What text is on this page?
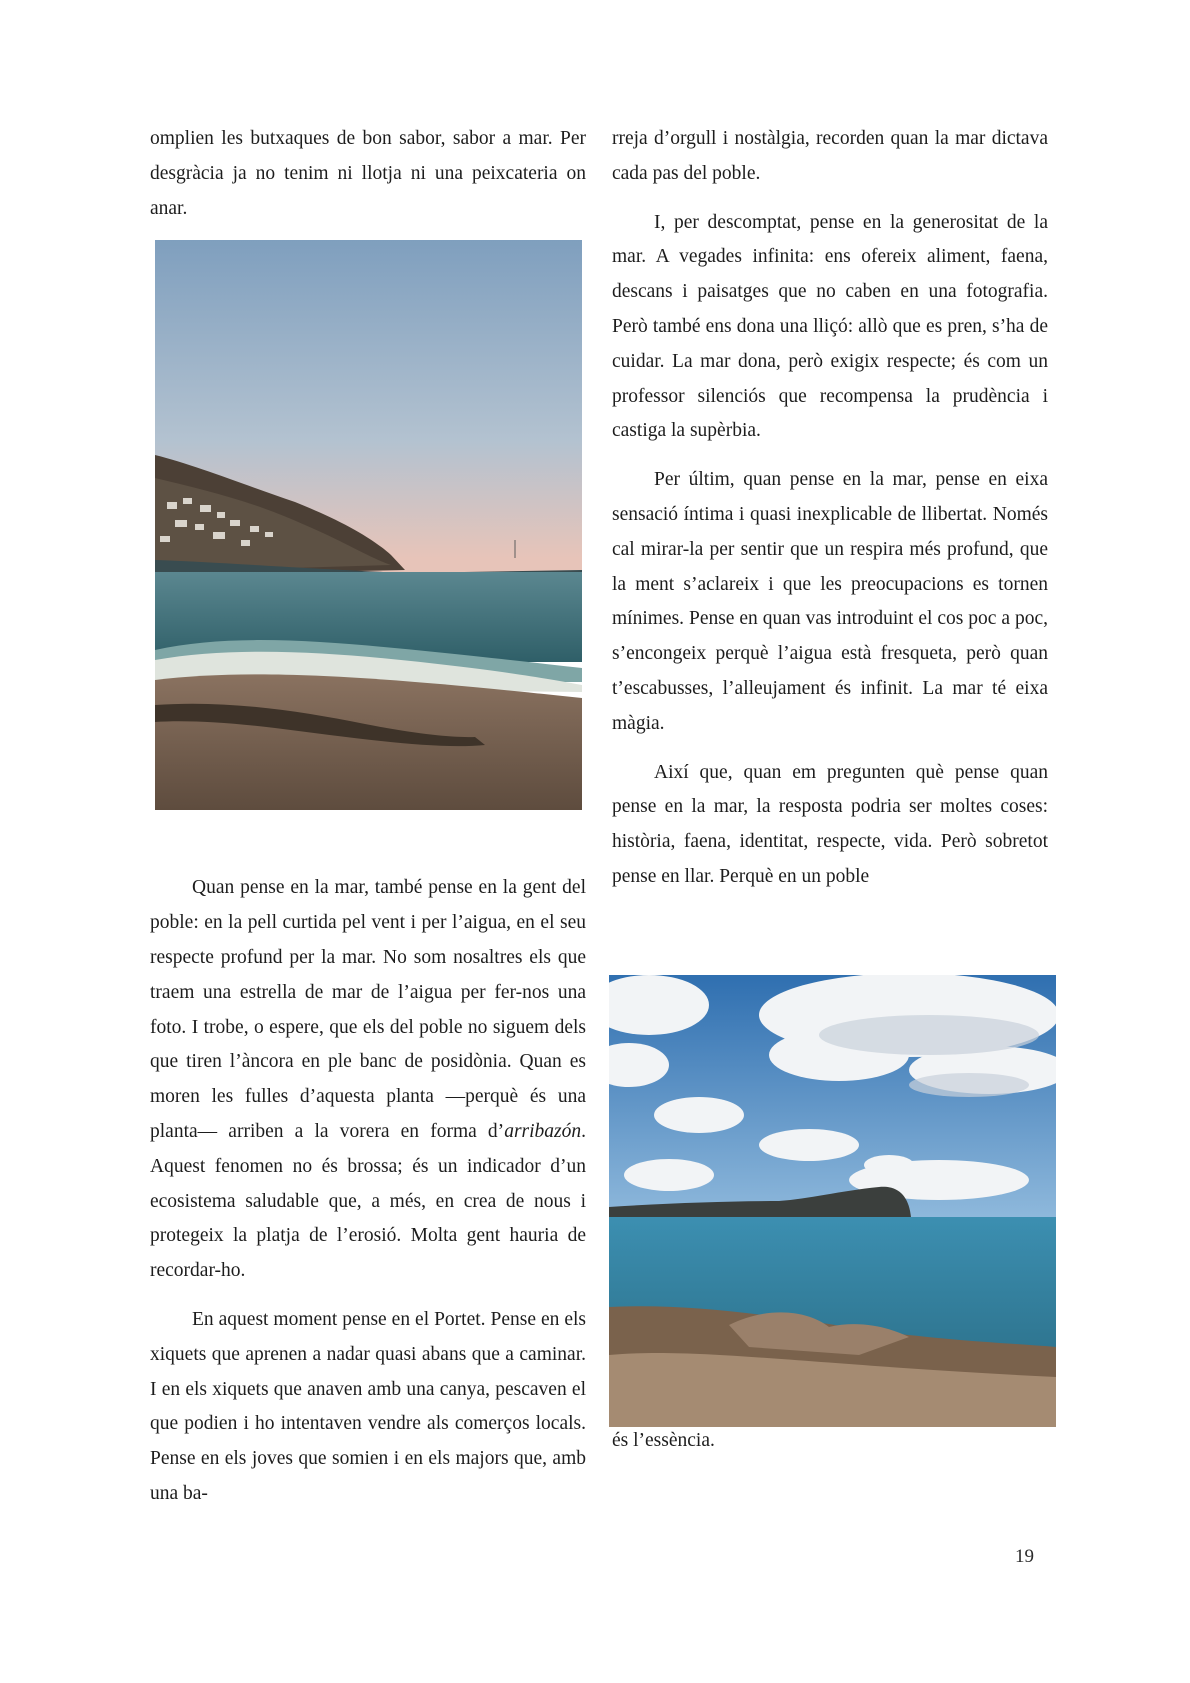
omplien les butxaques de bon sabor, sabor a mar. Per desgràcia ja no tenim ni llotja ni una peixcateria on anar.

Quan pense en la mar, també pense en la gent del poble: en la pell curtida pel vent i per l’aigua, en el seu respecte profund per la mar. No som nosaltres els que traem una estrella de mar de l’aigua per fer-nos una foto. I trobe, o espere, que els del poble no siguem dels que tiren l’àncora en ple banc de posidònia. Quan es moren les fulles d’aquesta planta —perquè és una planta— arriben a la vorera en forma d’arribazón. Aquest fenomen no és brossa; és un indicador d’un ecosistema saludable que, a més, en crea de nous i protegeix la platja de l’erosió. Molta gent hauria de recordar-ho.

En aquest moment pense en el Portet. Pense en els xiquets que aprenen a nadar quasi abans que a caminar. I en els xiquets que anaven amb una canya, pescaven el que podien i ho intentaven vendre als comerços locals. Pense en els joves que somien i en els majors que, amb una ba-

rreja d’orgull i nostàlgia, recorden quan la mar dictava cada pas del poble.

I, per descomptat, pense en la generositat de la mar. A vegades infinita: ens ofereix aliment, faena, descans i paisatges que no caben en una fotografia. Però també ens dona una lliçó: allò que es pren, s’ha de cuidar. La mar dona, però exigix respecte; és com un professor silenciós que recompensa la prudència i castiga la supèrbia.

Per últim, quan pense en la mar, pense en eixa sensació íntima i quasi inexplicable de llibertat. Només cal mirar-la per sentir que un respira més profund, que la ment s’aclareix i que les preocupacions es tornen mínimes. Pense en quan vas introduint el cos poc a poc, s’encongeix perquè l’aigua està fresqueta, però quan t’escabusses, l’alleujament és infinit. La mar té eixa màgia.

Així que, quan em pregunten què pense quan pense en la mar, la resposta podria ser moltes coses: història, faena, identitat, respecte, vida. Però sobretot pense en llar. Perquè en un poble

és l’essència.

19
